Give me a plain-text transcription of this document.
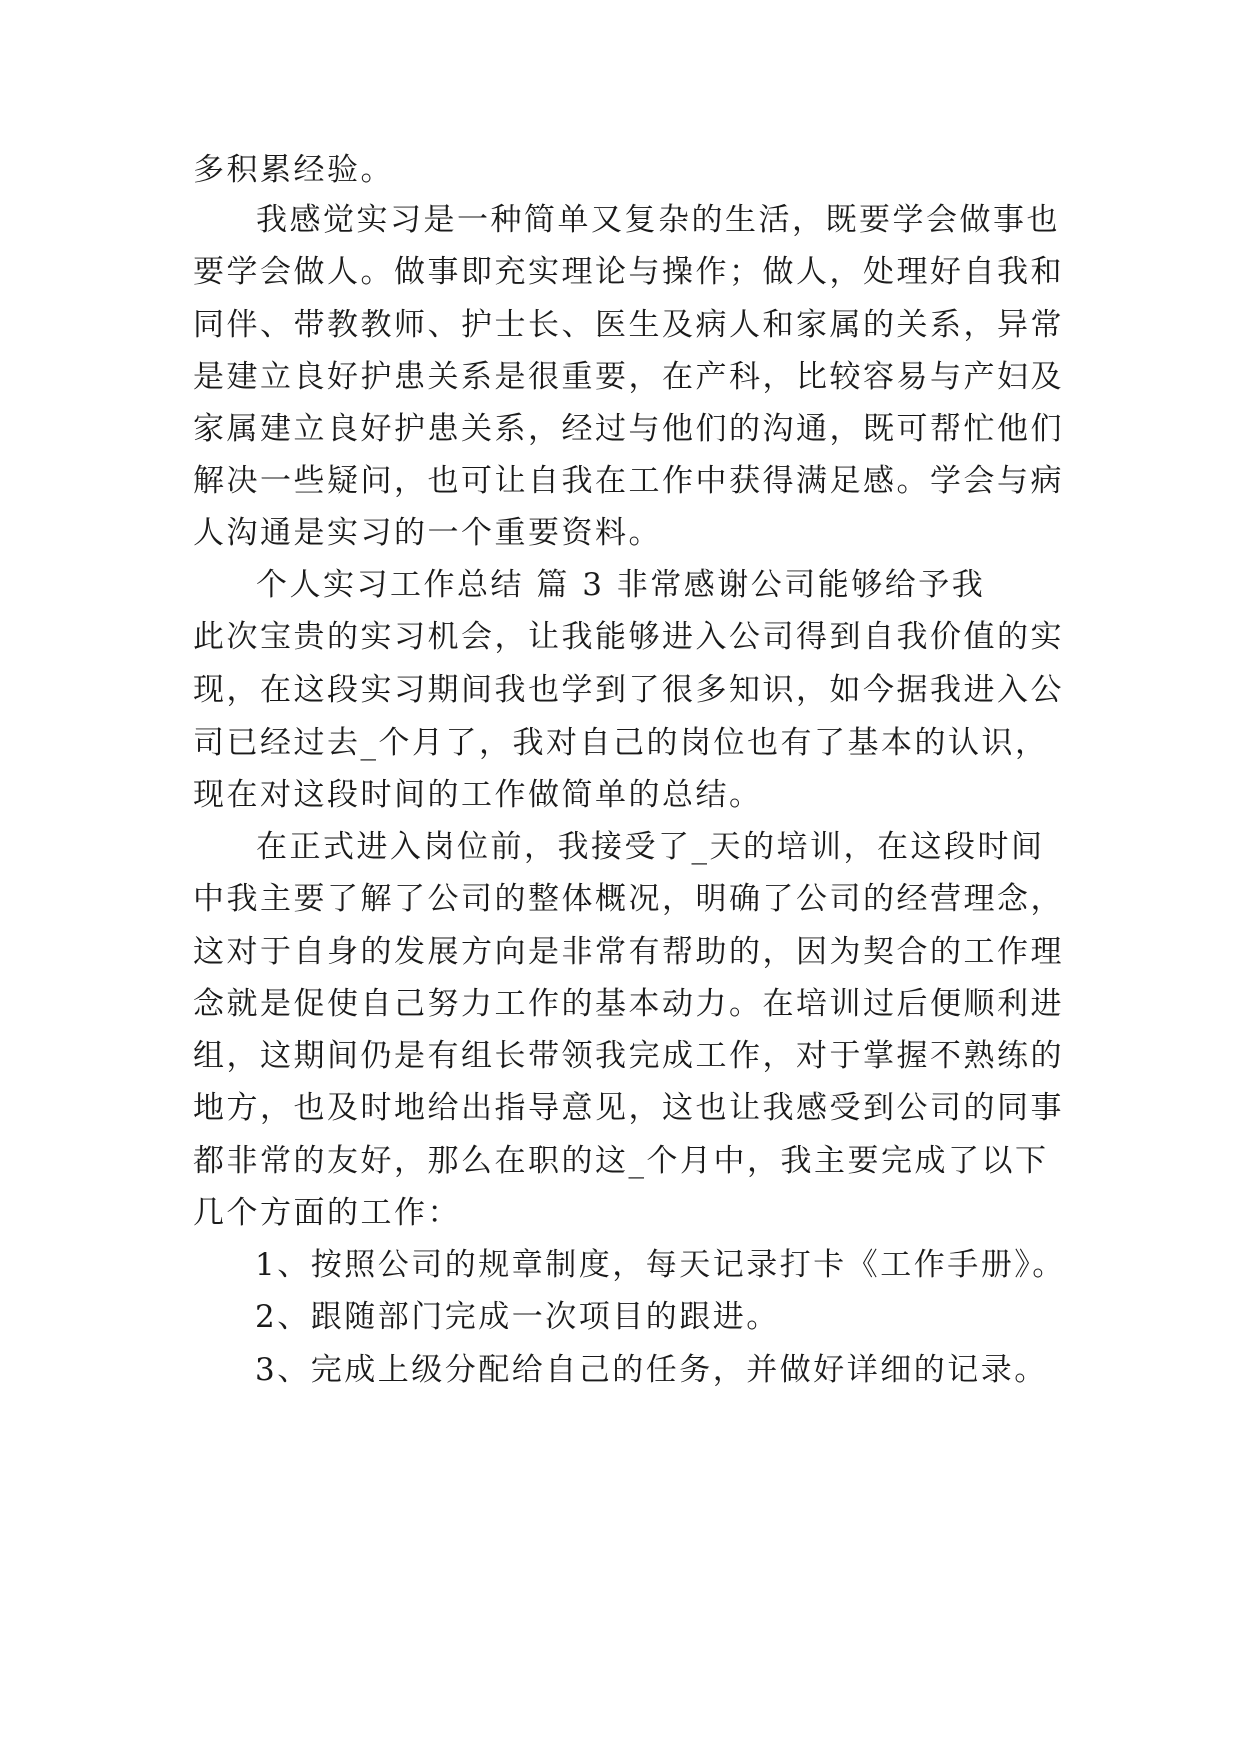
多积累经验。
我感觉实习是一种简单又复杂的生活，既要学会做事也
要学会做人。做事即充实理论与操作；做人，处理好自我和
同伴、带教教师、护士长、医生及病人和家属的关系，异常
是建立良好护患关系是很重要，在产科，比较容易与产妇及
家属建立良好护患关系，经过与他们的沟通，既可帮忙他们
解决一些疑问，也可让自我在工作中获得满足感。学会与病
人沟通是实习的一个重要资料。
个人实习工作总结 篇 3 非常感谢公司能够给予我
此次宝贵的实习机会，让我能够进入公司得到自我价值的实
现，在这段实习期间我也学到了很多知识，如今据我进入公
司已经过去_个月了，我对自己的岗位也有了基本的认识，
现在对这段时间的工作做简单的总结。
在正式进入岗位前，我接受了_天的培训，在这段时间
中我主要了解了公司的整体概况，明确了公司的经营理念，
这对于自身的发展方向是非常有帮助的，因为契合的工作理
念就是促使自己努力工作的基本动力。在培训过后便顺利进
组，这期间仍是有组长带领我完成工作，对于掌握不熟练的
地方，也及时地给出指导意见，这也让我感受到公司的同事
都非常的友好，那么在职的这_个月中，我主要完成了以下
几个方面的工作：
1、按照公司的规章制度，每天记录打卡《工作手册》。
2、跟随部门完成一次项目的跟进。
3、完成上级分配给自己的任务，并做好详细的记录。
